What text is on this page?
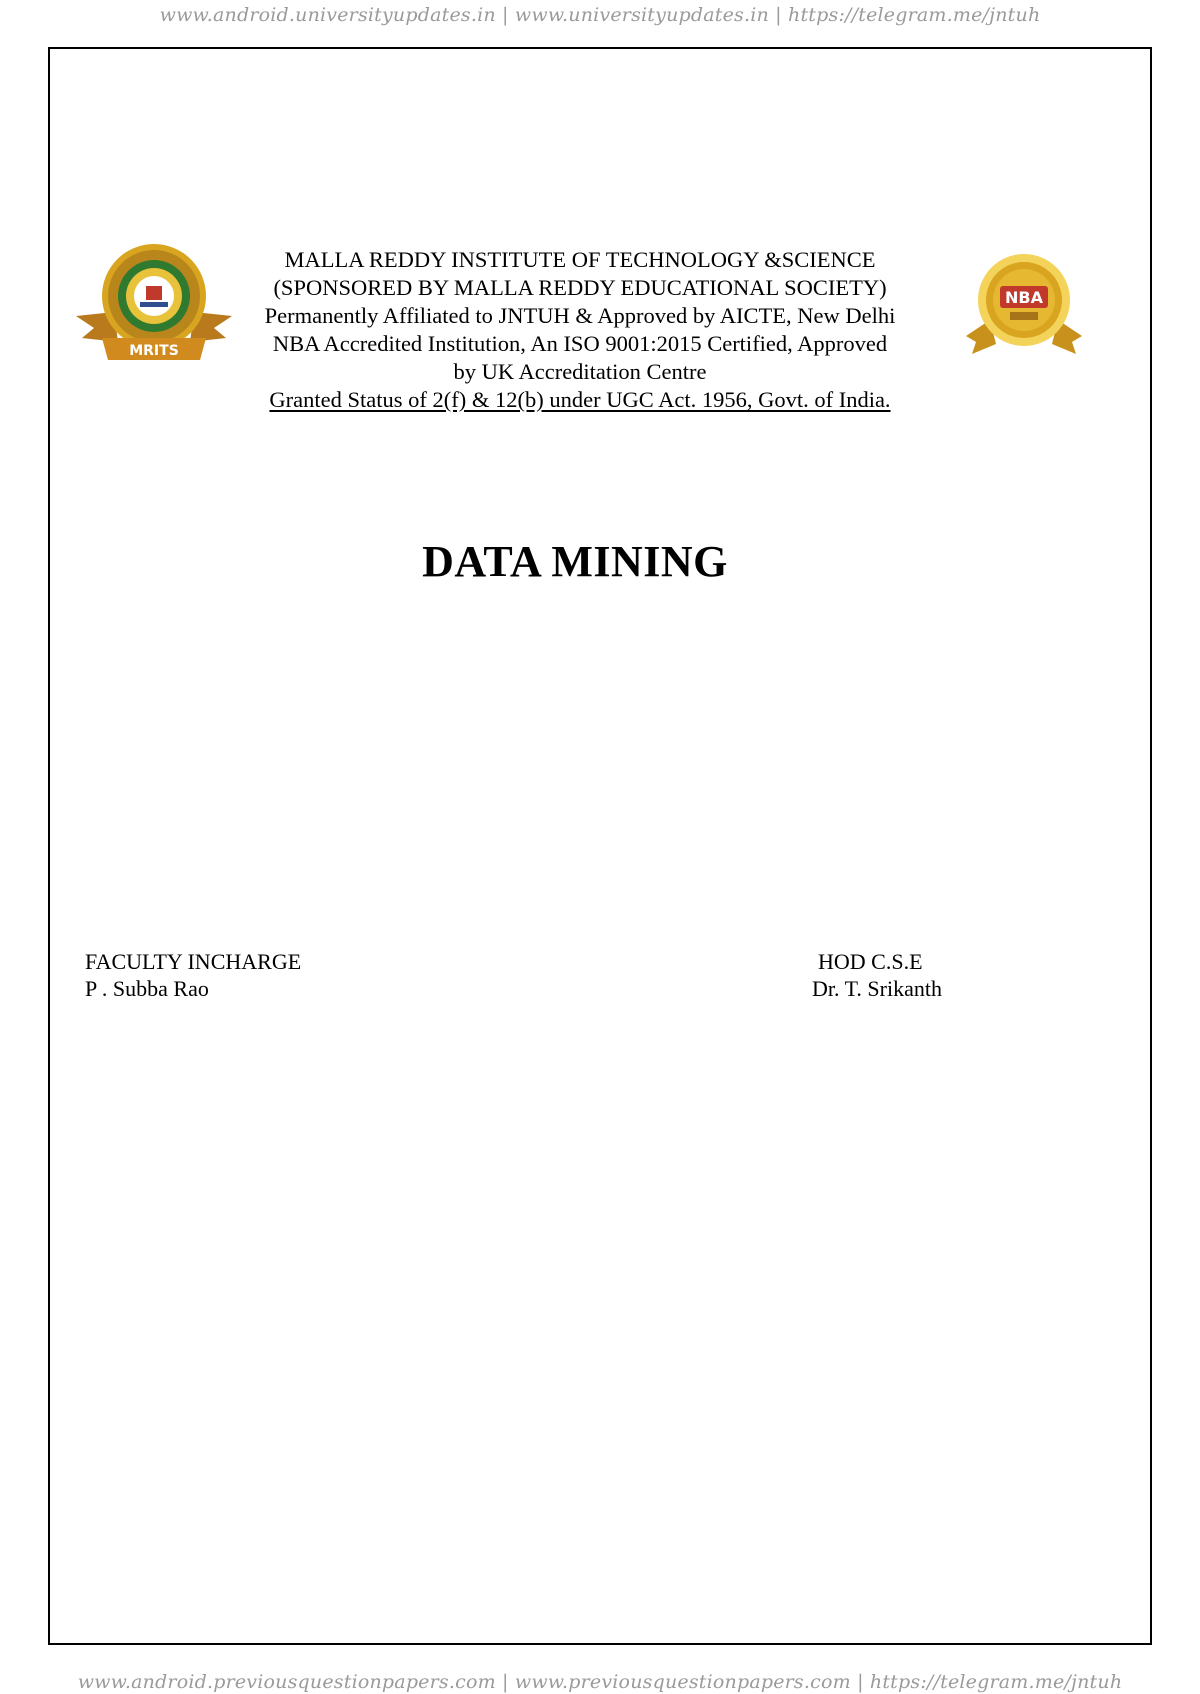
www.android.universityupdates.in | www.universityupdates.in | https://telegram.me/jntuh
MRITS
NBA
MALLA REDDY INSTITUTE OF TECHNOLOGY &SCIENCE
(SPONSORED BY MALLA REDDY EDUCATIONAL SOCIETY)
Permanently Affiliated to JNTUH & Approved by AICTE, New Delhi
NBA Accredited Institution, An ISO 9001:2015 Certified, Approved
by UK Accreditation Centre
Granted Status of 2(f) & 12(b) under UGC Act. 1956, Govt. of India.
DATA MINING
FACULTY INCHARGE
P . Subba Rao
HOD C.S.E
Dr. T. Srikanth
www.android.previousquestionpapers.com | www.previousquestionpapers.com | https://telegram.me/jntuh
